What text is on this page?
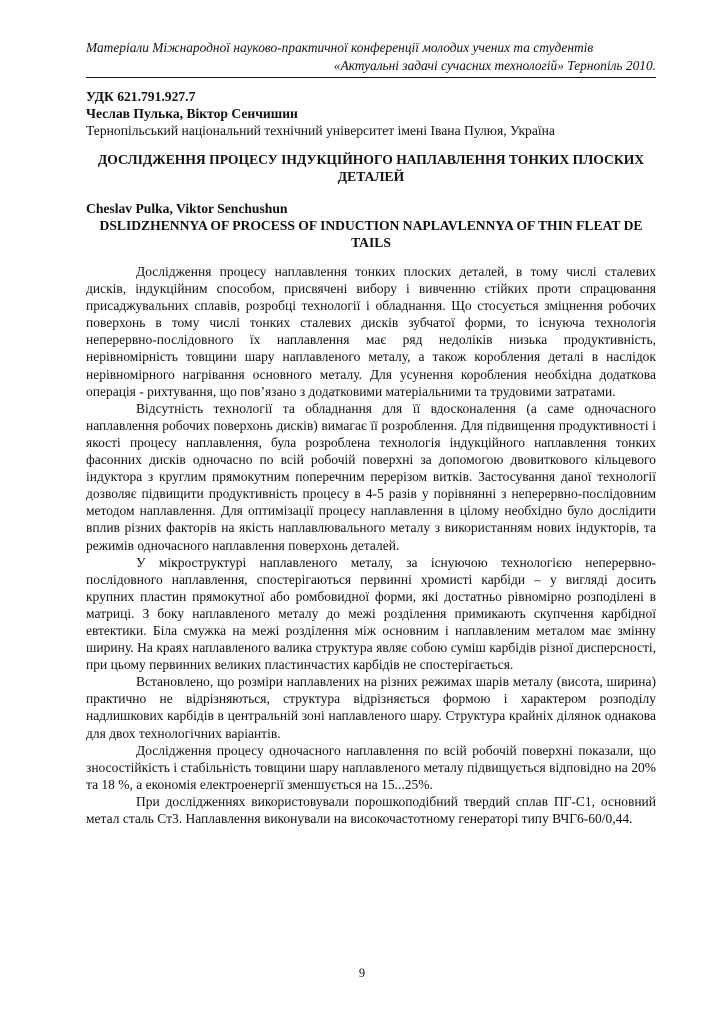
Матеріали Міжнародної науково-практичної конференції молодих учених та студентів
«Актуальні задачі сучасних технологій» Тернопіль 2010.
УДК 621.791.927.7
Чеслав Пулька, Віктор Сенчишин
Тернопільський національний технічний університет імені Івана Пулюя, Україна
ДОСЛІДЖЕННЯ ПРОЦЕСУ ІНДУКЦІЙНОГО НАПЛАВЛЕННЯ ТОНКИХ ПЛОСКИХ ДЕТАЛЕЙ
Cheslav Pulka, Viktor Senchushun
DSLIDZHENNYA OF PROCESS OF INDUCTION NAPLAVLENNYA OF THIN FLEAT DE TAILS

Дослідження процесу наплавлення тонких плоских деталей, в тому числі сталевих дисків, індукційним способом, присвячені вибору і вивченню стійких проти спрацювання присаджувальних сплавів, розробці технології і обладнання. Що стосується зміцнення робочих поверхонь в тому числі тонких сталевих дисків зубчатої форми, то існуюча технологія неперервно-послідовного їх наплавлення має ряд недоліків низька продуктивність, нерівномірність товщини шару наплавленого металу, а також коробления деталі в наслідок нерівномірного нагрівання основного металу. Для усунення коробления необхідна додаткова операція - рихтування, що пов’язано з додатковими матеріальними та трудовими затратами.

Відсутність технології та обладнання для її вдосконалення (а саме одночасного наплавлення робочих поверхонь дисків) вимагає її розроблення. Для підвищення продуктивності і якості процесу наплавлення, була розроблена технологія індукційного наплавлення тонких фасонних дисків одночасно по всій робочій поверхні за допомогою двовиткового кільцевого індуктора з круглим прямокутним поперечним перерізом витків. Застосування даної технології дозволяє підвищити продуктивність процесу в 4-5 разів у порівнянні з неперервно-послідовним методом наплавлення. Для оптимізації процесу наплавлення в цілому необхідно було дослідити вплив різних факторів на якість наплавлювального металу з використанням нових індукторів, та режимів одночасного наплавлення поверхонь деталей.

У мікроструктурі наплавленого металу, за існуючою технологією неперервно-послідовного наплавлення, спостерігаються первинні хромисті карбіди – у вигляді досить крупних пластин прямокутної або ромбовидної форми, які достатньо рівномірно розподілені в матриці. З боку наплавленого металу до межі розділення примикають скупчення карбідної евтектики. Біла смужка на межі розділення між основним і наплавленим металом має змінну ширину. На краях наплавленого валика структура являє собою суміш карбідів різної дисперсності, при цьому первинних великих пластинчастих карбідів не спостерігається.

Встановлено, що розміри наплавлених на різних режимах шарів металу (висота, ширина) практично не відрізняються, структура відрізняється формою і характером розподілу надлишкових карбідів в центральній зоні наплавленого шару. Структура крайніх ділянок однакова для двох технологічних варіантів.

Дослідження процесу одночасного наплавлення по всій робочій поверхні показали, що зносостійкість і стабільність товщини шару наплавленого металу підвищується відповідно на 20% та 18 %, а економія електроенергії зменшується на 15...25%.

При дослідженнях використовували порошкоподібний твердий сплав ПГ-С1, основний метал сталь Ст3. Наплавлення виконували на високочастотному генераторі типу ВЧГ6-60/0,44.

9
